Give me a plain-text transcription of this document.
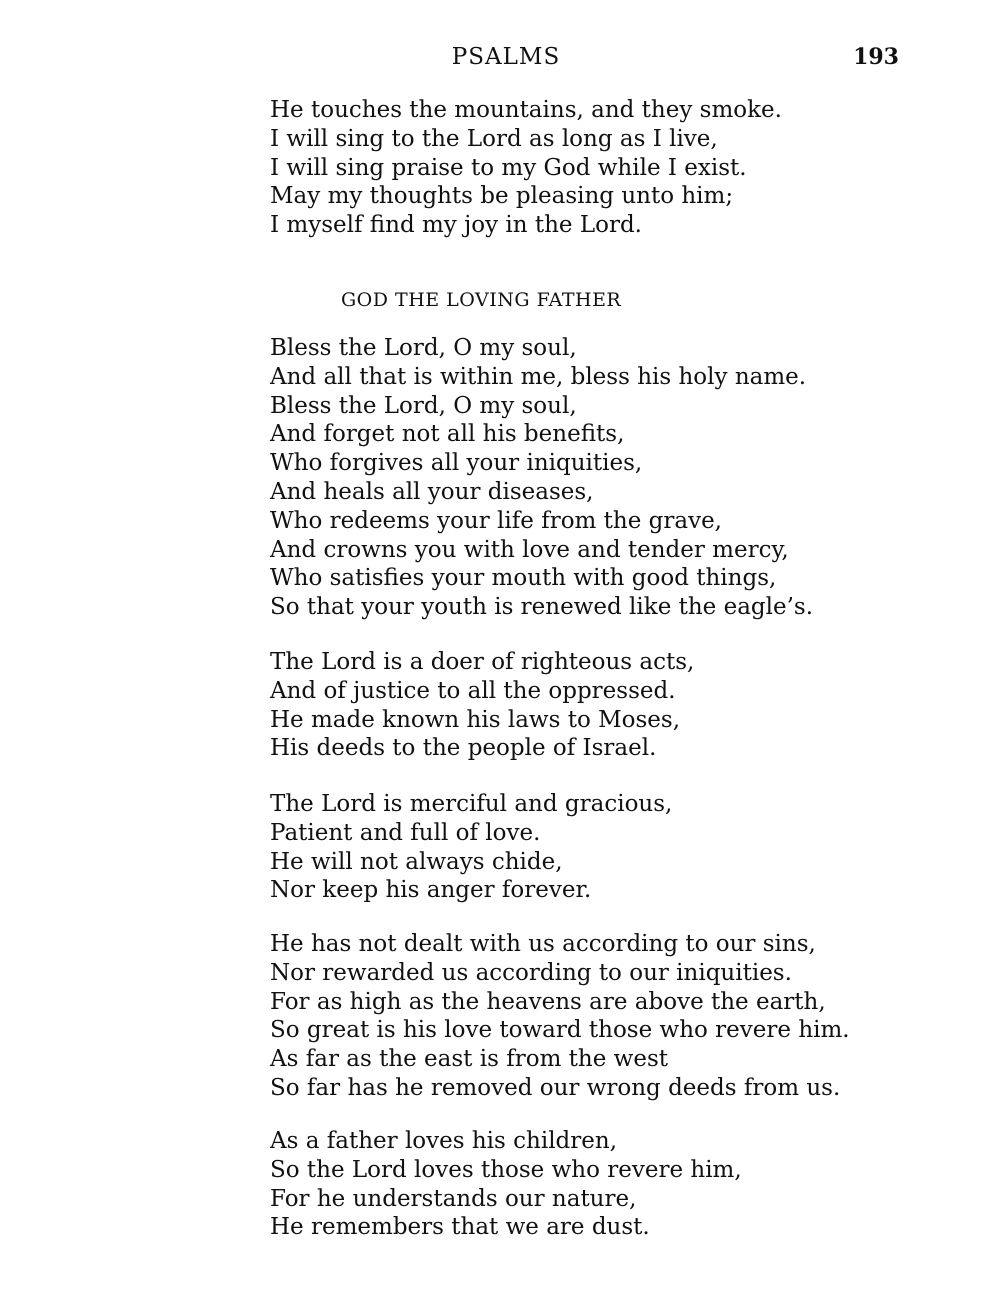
PSALMS	193
He touches the mountains, and they smoke.
I will sing to the Lord as long as I live,
I will sing praise to my God while I exist.
May my thoughts be pleasing unto him;
I myself find my joy in the Lord.
GOD THE LOVING FATHER
Bless the Lord, O my soul,
And all that is within me, bless his holy name.
Bless the Lord, O my soul,
And forget not all his benefits,
Who forgives all your iniquities,
And heals all your diseases,
Who redeems your life from the grave,
And crowns you with love and tender mercy,
Who satisfies your mouth with good things,
So that your youth is renewed like the eagle’s.
The Lord is a doer of righteous acts,
And of justice to all the oppressed.
He made known his laws to Moses,
His deeds to the people of Israel.
The Lord is merciful and gracious,
Patient and full of love.
He will not always chide,
Nor keep his anger forever.
He has not dealt with us according to our sins,
Nor rewarded us according to our iniquities.
For as high as the heavens are above the earth,
So great is his love toward those who revere him.
As far as the east is from the west
So far has he removed our wrong deeds from us.
As a father loves his children,
So the Lord loves those who revere him,
For he understands our nature,
He remembers that we are dust.
